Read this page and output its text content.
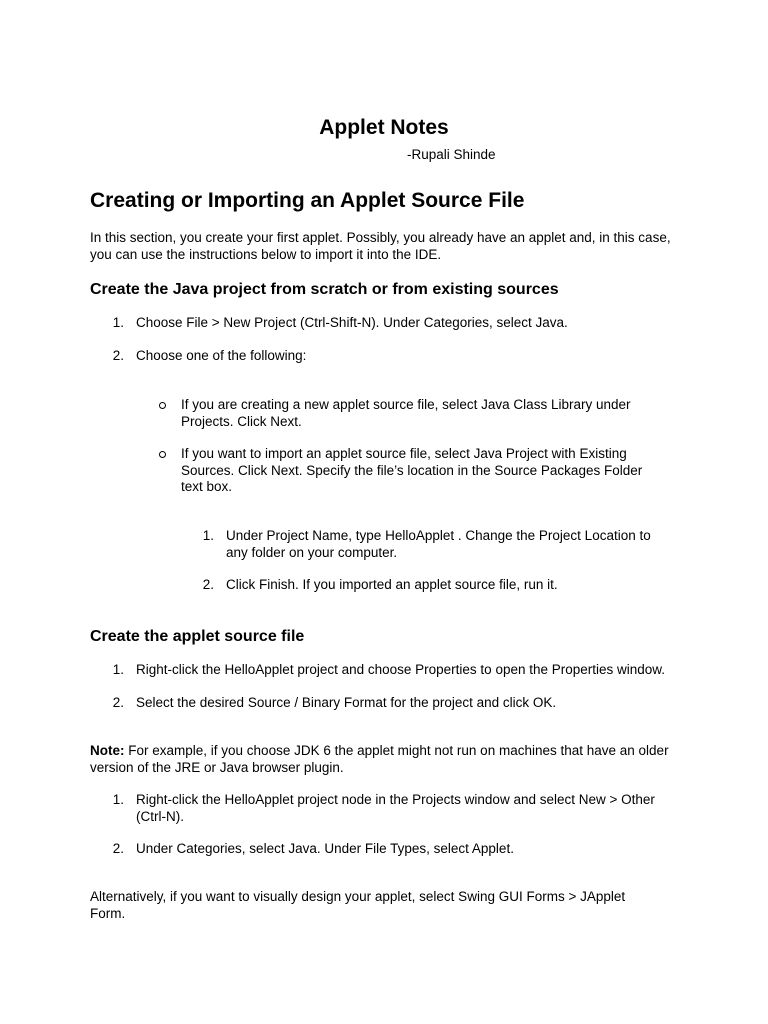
Applet Notes
-Rupali Shinde
Creating or Importing an Applet Source File

In this section, you create your first applet. Possibly, you already have an applet and, in this case, you can use the instructions below to import it into the IDE.

Create the Java project from scratch or from existing sources
1. Choose File > New Project (Ctrl-Shift-N). Under Categories, select Java.
2. Choose one of the following:
If you are creating a new applet source file, select Java Class Library under Projects. Click Next.
If you want to import an applet source file, select Java Project with Existing Sources. Click Next. Specify the file’s location in the Source Packages Folder text box.
1. Under Project Name, type HelloApplet . Change the Project Location to any folder on your computer.
2. Click Finish. If you imported an applet source file, run it.
Create the applet source file
1. Right-click the HelloApplet project and choose Properties to open the Properties window.
2. Select the desired Source / Binary Format for the project and click OK.

Note: For example, if you choose JDK 6 the applet might not run on machines that have an older version of the JRE or Java browser plugin.

1. Right-click the HelloApplet project node in the Projects window and select New > Other (Ctrl-N).
2. Under Categories, select Java. Under File Types, select Applet.

Alternatively, if you want to visually design your applet, select Swing GUI Forms > JApplet Form.
